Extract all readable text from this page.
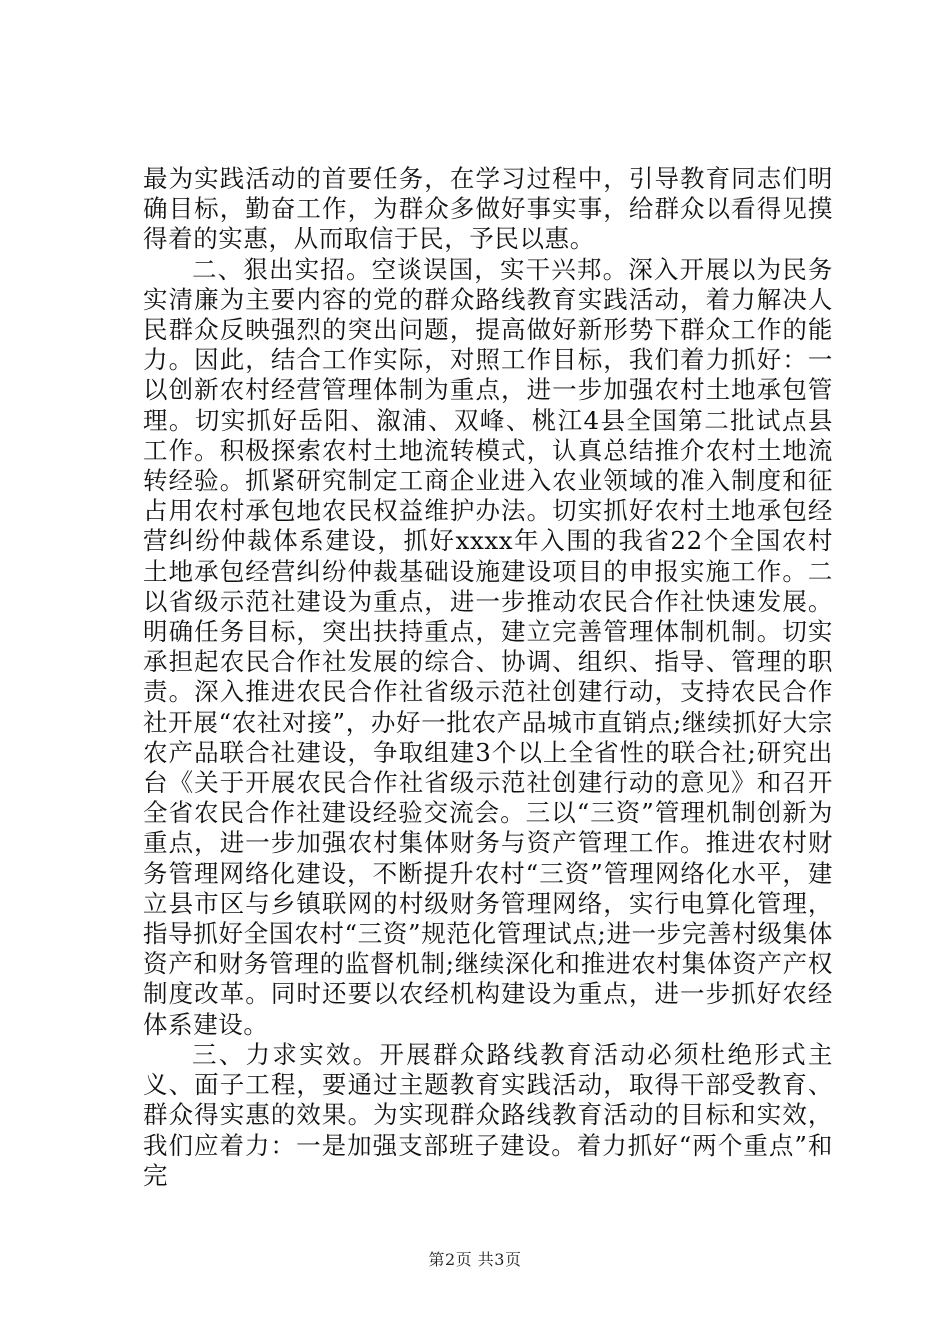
最为实践活动的首要任务，在学习过程中，引导教育同志们明确目标，勤奋工作，为群众多做好事实事，给群众以看得见摸得着的实惠，从而取信于民，予民以惠。

二、狠出实招。空谈误国，实干兴邦。深入开展以为民务实清廉为主要内容的党的群众路线教育实践活动，着力解决人民群众反映强烈的突出问题，提高做好新形势下群众工作的能力。因此，结合工作实际，对照工作目标，我们着力抓好：一以创新农村经营管理体制为重点，进一步加强农村土地承包管理。切实抓好岳阳、溆浦、双峰、桃江4县全国第二批试点县工作。积极探索农村土地流转模式，认真总结推介农村土地流转经验。抓紧研究制定工商企业进入农业领域的准入制度和征占用农村承包地农民权益维护办法。切实抓好农村土地承包经营纠纷仲裁体系建设，抓好xxxx年入围的我省22个全国农村土地承包经营纠纷仲裁基础设施建设项目的申报实施工作。二以省级示范社建设为重点，进一步推动农民合作社快速发展。明确任务目标，突出扶持重点，建立完善管理体制机制。切实承担起农民合作社发展的综合、协调、组织、指导、管理的职责。深入推进农民合作社省级示范社创建行动，支持农民合作社开展“农社对接”，办好一批农产品城市直销点;继续抓好大宗农产品联合社建设，争取组建3个以上全省性的联合社;研究出台《关于开展农民合作社省级示范社创建行动的意见》和召开全省农民合作社建设经验交流会。三以“三资”管理机制创新为重点，进一步加强农村集体财务与资产管理工作。推进农村财务管理网络化建设，不断提升农村“三资”管理网络化水平，建立县市区与乡镇联网的村级财务管理网络，实行电算化管理，指导抓好全国农村“三资”规范化管理试点;进一步完善村级集体资产和财务管理的监督机制;继续深化和推进农村集体资产产权制度改革。同时还要以农经机构建设为重点，进一步抓好农经体系建设。

三、力求实效。开展群众路线教育活动必须杜绝形式主义、面子工程，要通过主题教育实践活动，取得干部受教育、群众得实惠的效果。为实现群众路线教育活动的目标和实效，我们应着力：一是加强支部班子建设。着力抓好“两个重点”和完

第2页 共3页
